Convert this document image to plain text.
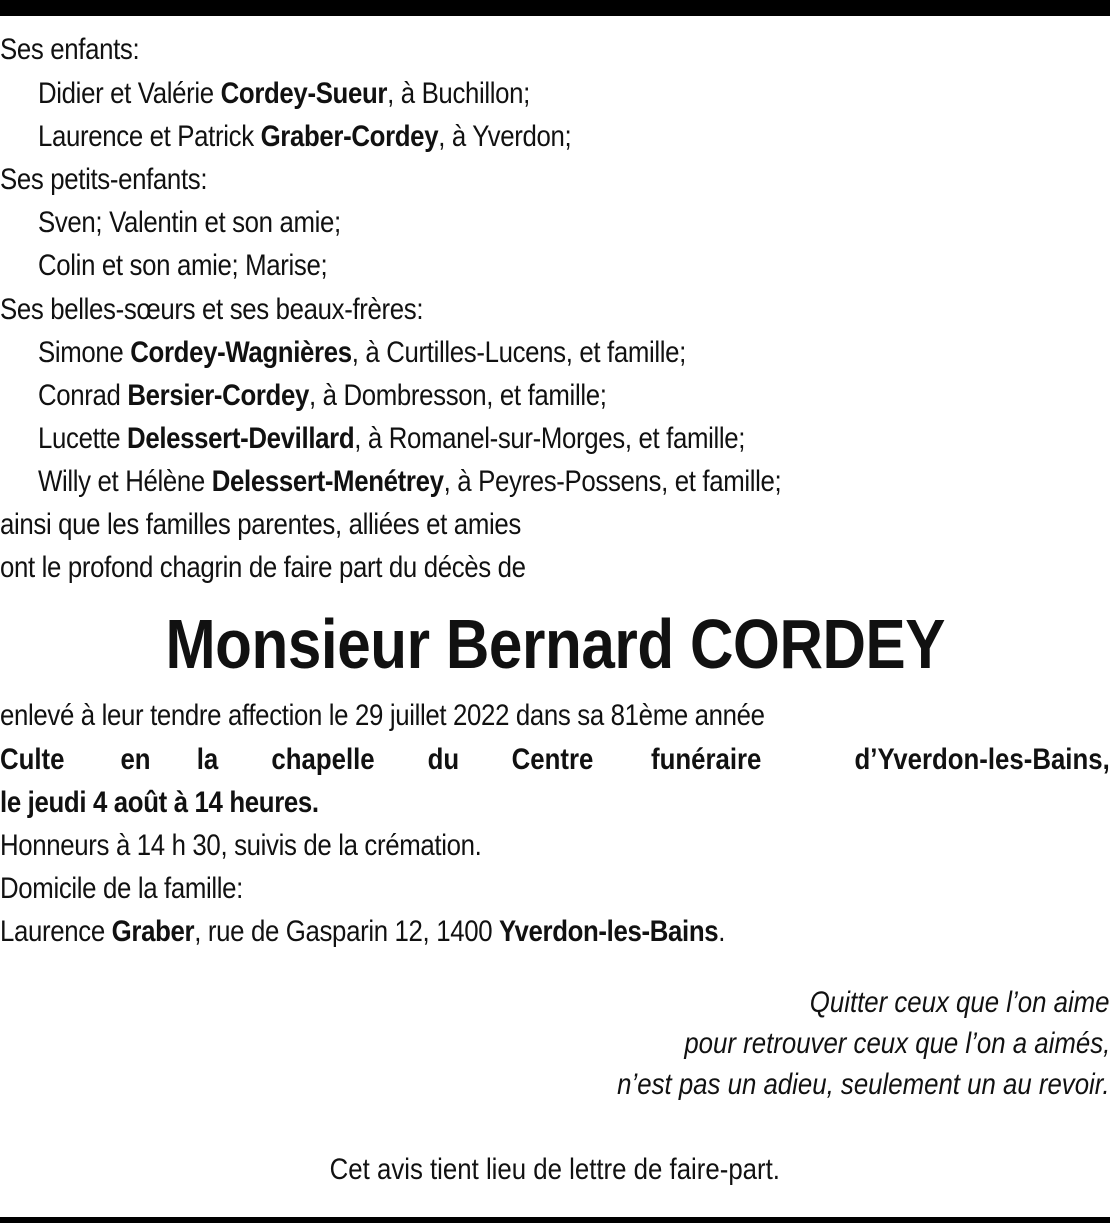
Ses enfants:
Didier et Valérie Cordey-Sueur, à Buchillon;
Laurence et Patrick Graber-Cordey, à Yverdon;
Ses petits-enfants:
Sven; Valentin et son amie;
Colin et son amie; Marise;
Ses belles-sœurs et ses beaux-frères:
Simone Cordey-Wagnières, à Curtilles-Lucens, et famille;
Conrad Bersier-Cordey, à Dombresson, et famille;
Lucette Delessert-Devillard, à Romanel-sur-Morges, et famille;
Willy et Hélène Delessert-Menétrey, à Peyres-Possens, et famille;
ainsi que les familles parentes, alliées et amies
ont le profond chagrin de faire part du décès de
Monsieur Bernard CORDEY
enlevé à leur tendre affection le 29 juillet 2022 dans sa 81ème année
Culte en la chapelle du Centre funéraire	d’Yverdon-les-Bains,
le jeudi 4 août à 14 heures.
Honneurs à 14 h 30, suivis de la crémation.
Domicile de la famille:
Laurence Graber, rue de Gasparin 12, 1400 Yverdon-les-Bains.
Quitter ceux que l’on aime
pour retrouver ceux que l’on a aimés,
n’est pas un adieu, seulement un au revoir.
Cet avis tient lieu de lettre de faire-part.
